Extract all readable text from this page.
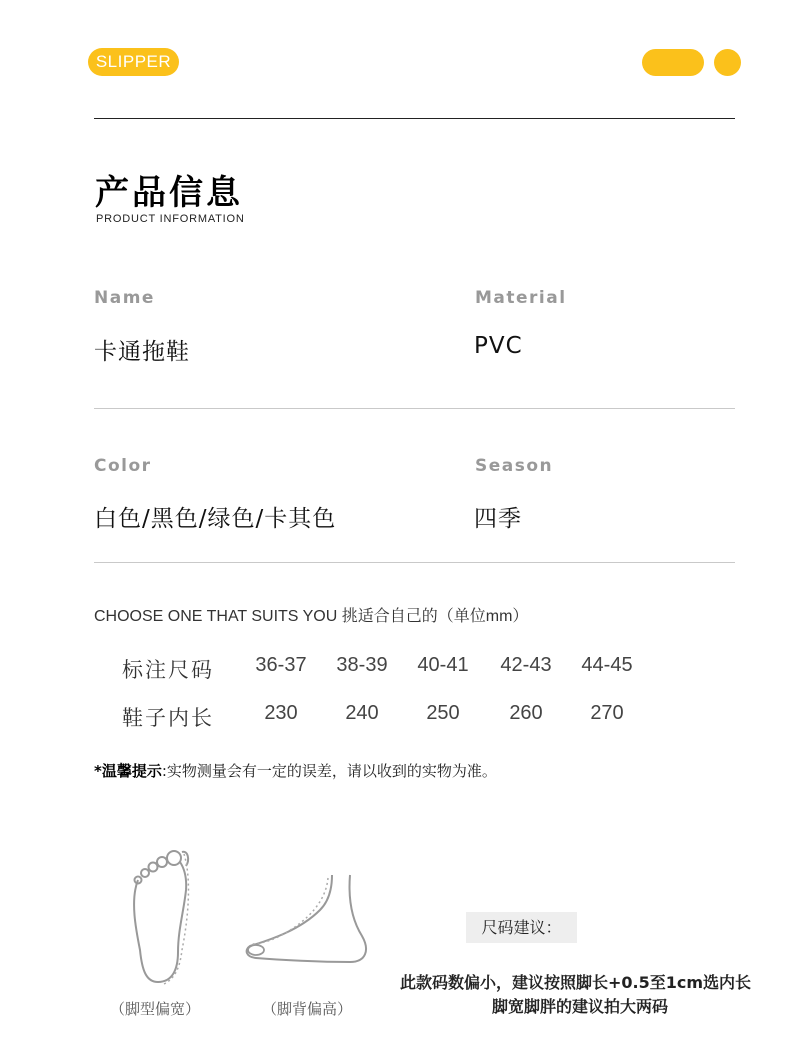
SLIPPER
产品信息
PRODUCT INFORMATION
Name
卡通拖鞋
Material
PVC
Color
白色/黑色/绿色/卡其色
Season
四季
CHOOSE ONE THAT SUITS YOU 挑适合自己的（单位mm）
标注尺码	36-37	38-39	40-41	42-43	44-45
鞋子内长	230	240	250	260	270
*温馨提示:实物测量会有一定的误差，请以收到的实物为准。
（脚型偏宽）	（脚背偏高）
尺码建议：
此款码数偏小，建议按照脚长+0.5至1cm选内长
脚宽脚胖的建议拍大两码
